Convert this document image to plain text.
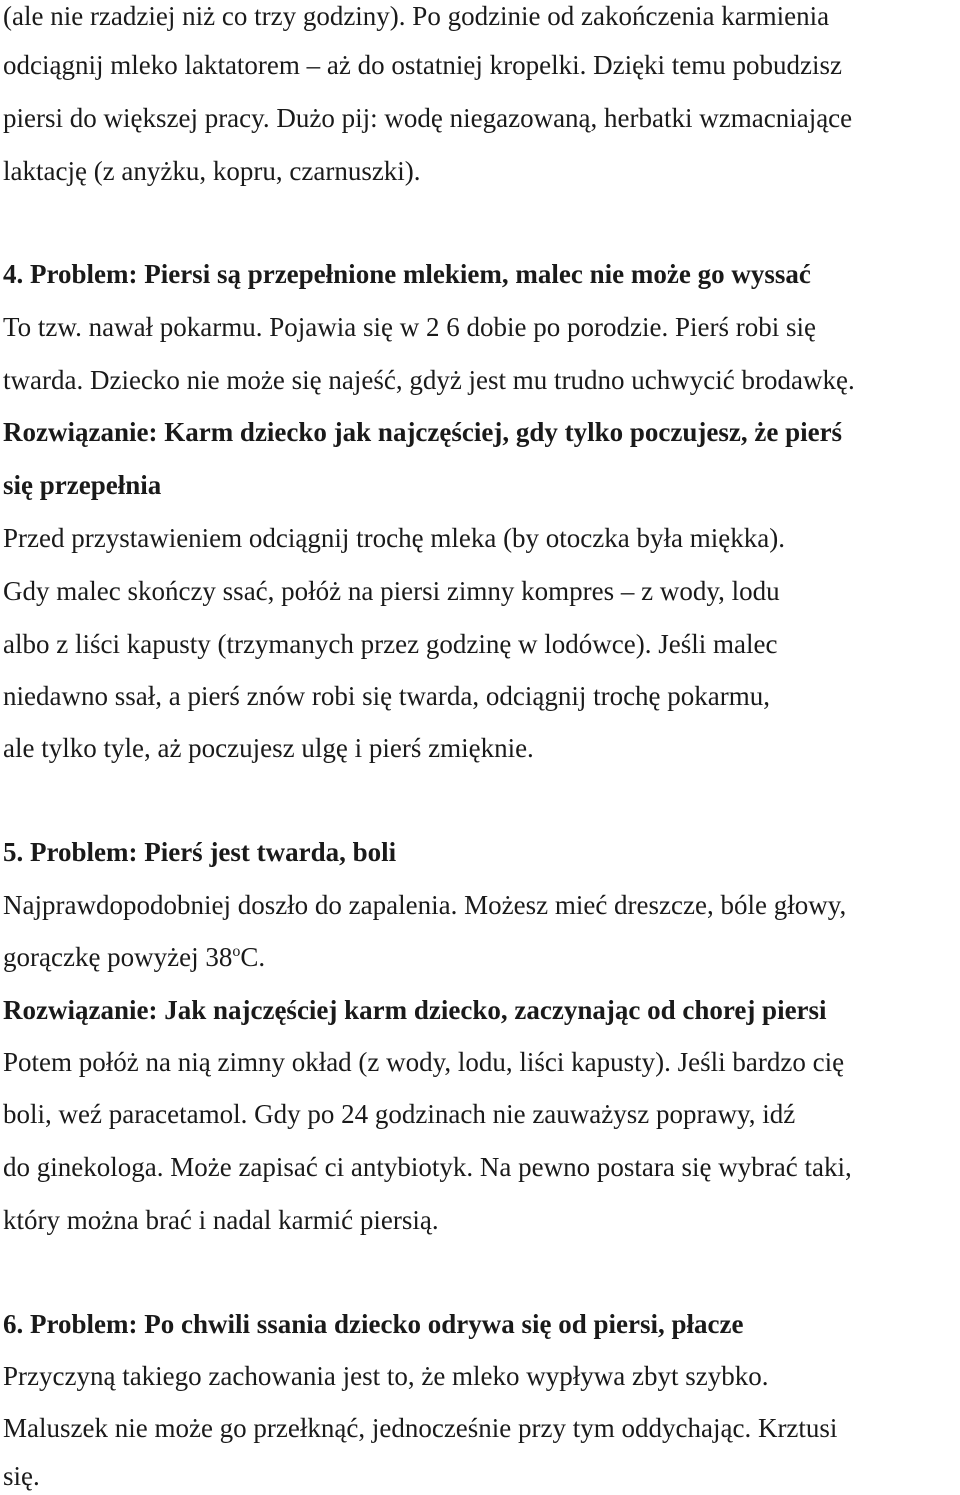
(ale nie rzadziej niż co trzy godziny). Po godzinie od zakończenia karmienia
odciągnij mleko laktatorem – aż do ostatniej kropelki. Dzięki temu pobudzisz
piersi do większej pracy. Dużo pij: wodę niegazowaną, herbatki wzmacniające
laktację (z anyżku, kopru, czarnuszki).
4. Problem: Piersi są przepełnione mlekiem, malec nie może go wyssać
To tzw. nawał pokarmu. Pojawia się w 2 6 dobie po porodzie. Pierś robi się
twarda. Dziecko nie może się najeść, gdyż jest mu trudno uchwycić brodawkę.
Rozwiązanie: Karm dziecko jak najczęściej, gdy tylko poczujesz, że pierś
się przepełnia
Przed przystawieniem odciągnij trochę mleka (by otoczka była miękka).
Gdy malec skończy ssać, połóż na piersi zimny kompres – z wody, lodu
albo z liści kapusty (trzymanych przez godzinę w lodówce). Jeśli malec
niedawno ssał, a pierś znów robi się twarda, odciągnij trochę pokarmu,
ale tylko tyle, aż poczujesz ulgę i pierś zmięknie.
5. Problem: Pierś jest twarda, boli
Najprawdopodobniej doszło do zapalenia. Możesz mieć dreszcze, bóle głowy,
gorączkę powyżej 38$^o$C.
Rozwiązanie: Jak najczęściej karm dziecko, zaczynając od chorej piersi
Potem połóż na nią zimny okład (z wody, lodu, liści kapusty). Jeśli bardzo cię
boli, weź paracetamol. Gdy po 24 godzinach nie zauważysz poprawy, idź
do ginekologa. Może zapisać ci antybiotyk. Na pewno postara się wybrać taki,
który można brać i nadal karmić piersią.
6. Problem: Po chwili ssania dziecko odrywa się od piersi, płacze
Przyczyną takiego zachowania jest to, że mleko wypływa zbyt szybko.
Maluszek nie może go przełknąć, jednocześnie przy tym oddychając. Krztusi
się.
